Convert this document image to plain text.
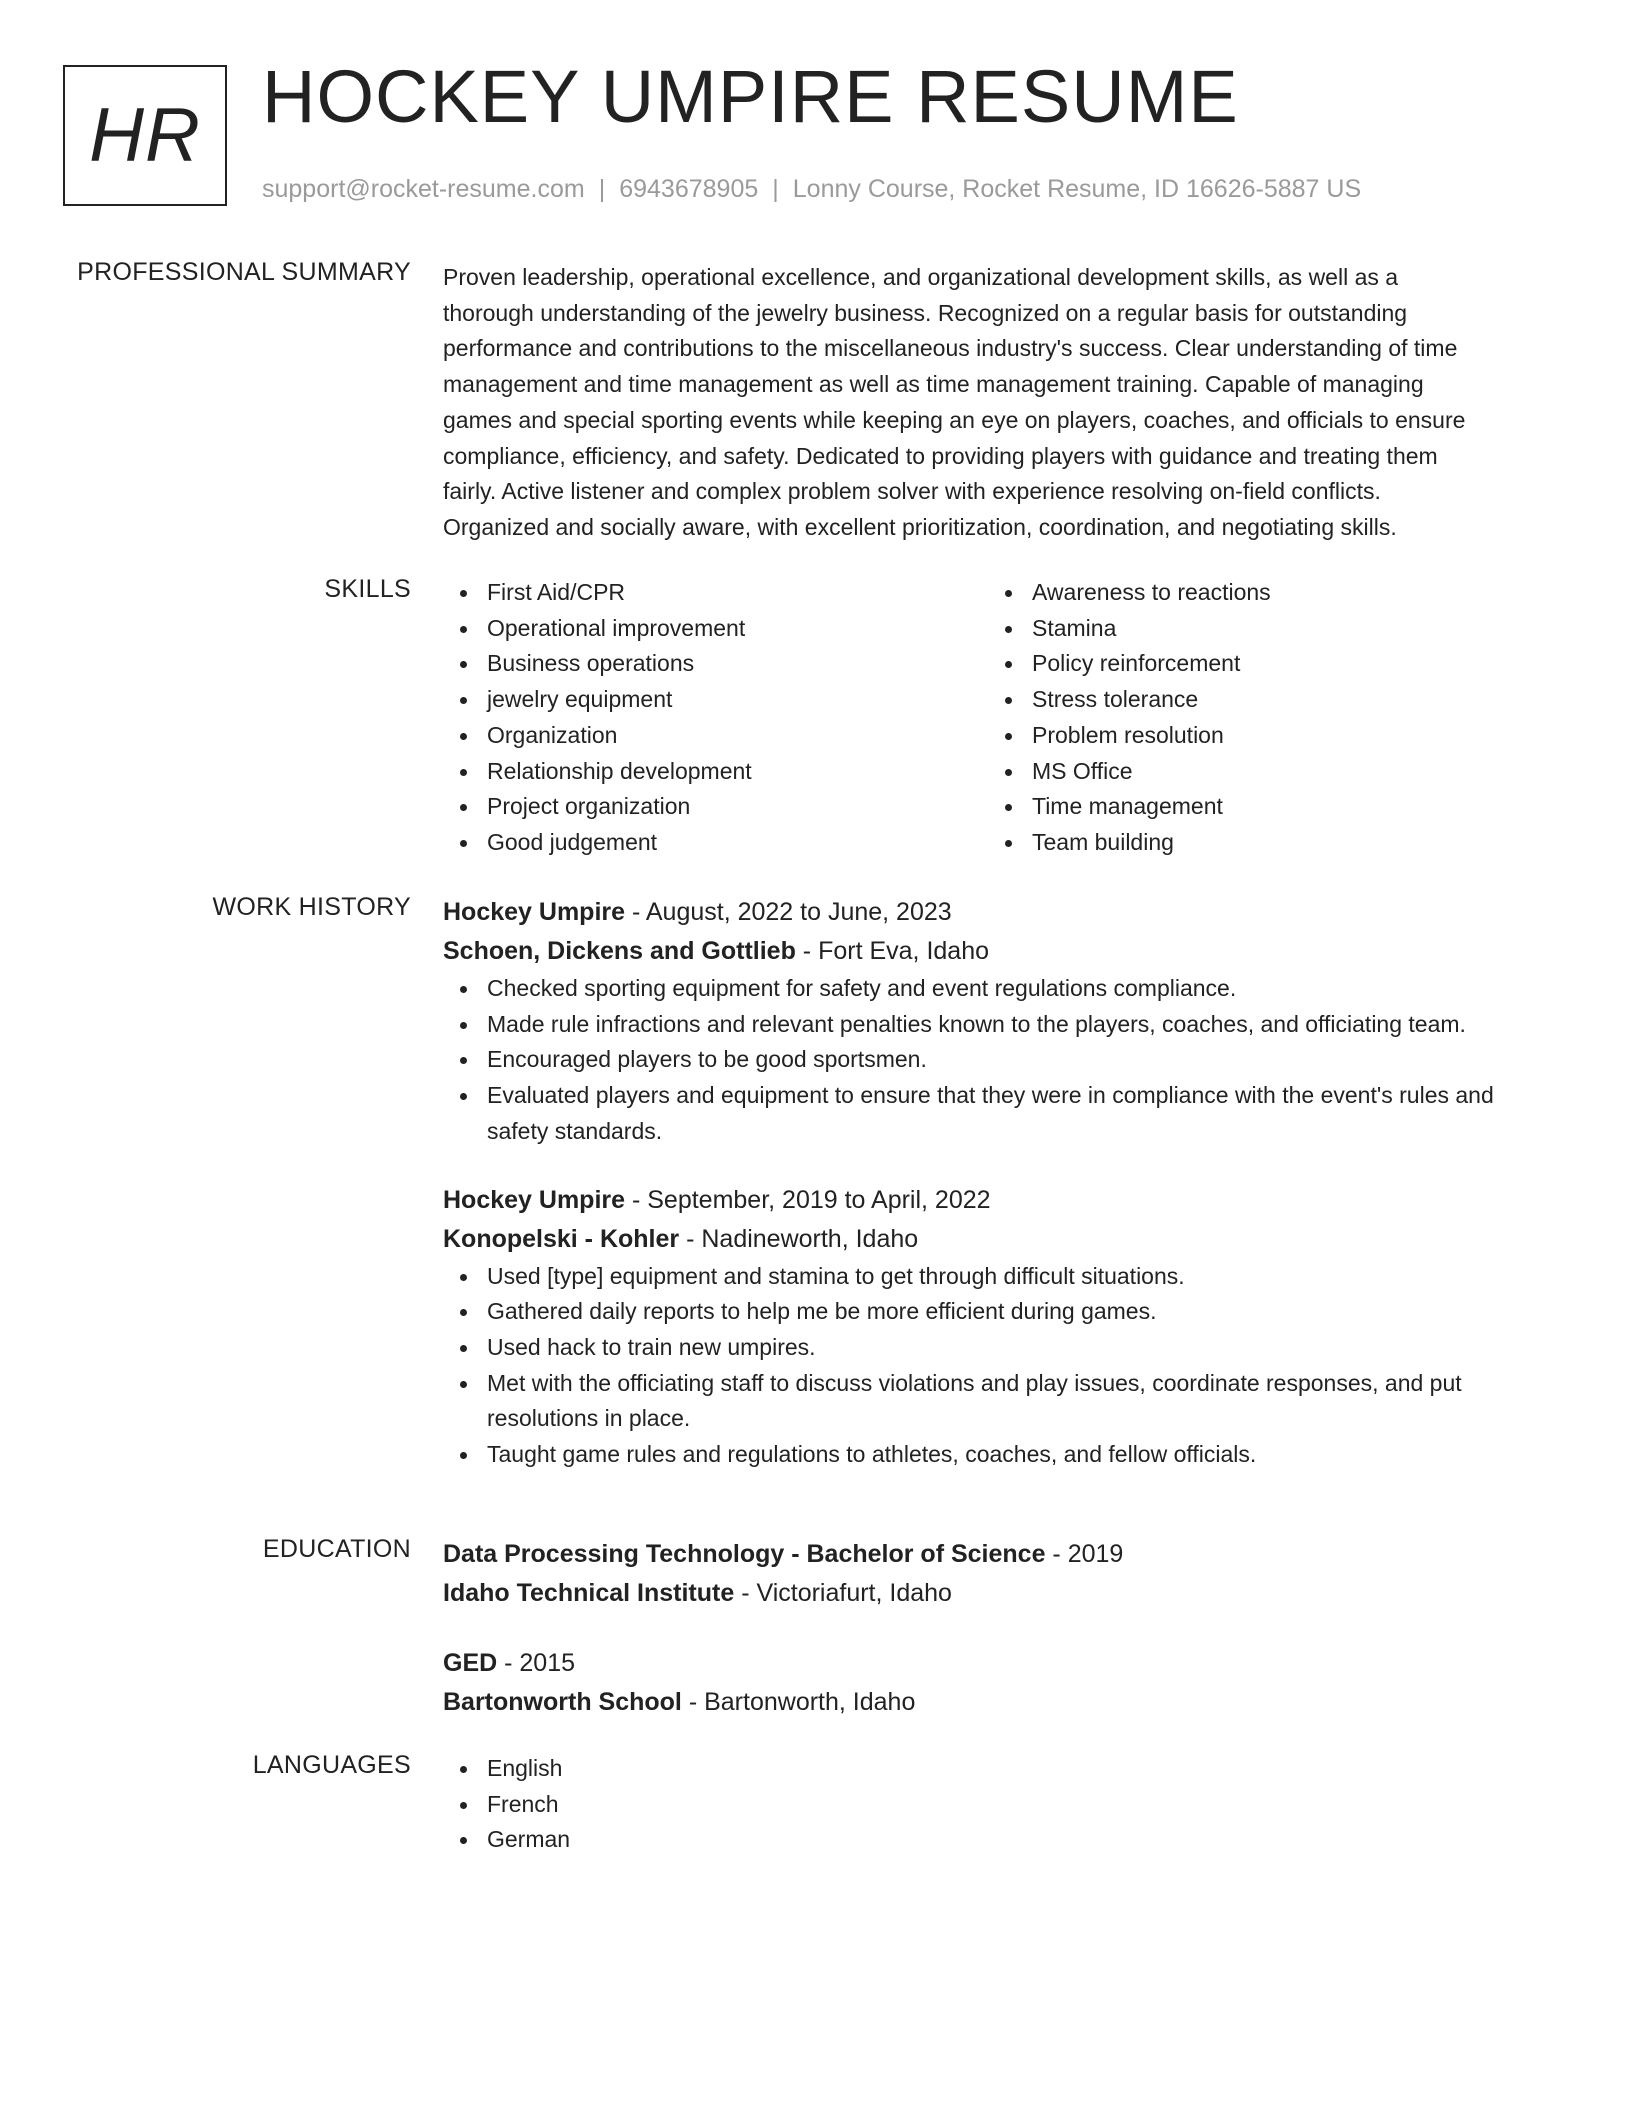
HR HOCKEY UMPIRE RESUME
support@rocket-resume.com | 6943678905 | Lonny Course, Rocket Resume, ID 16626-5887 US
PROFESSIONAL SUMMARY Proven leadership, operational excellence, and organizational development skills, as well as a
thorough understanding of the jewelry business. Recognized on a regular basis for outstanding
performance and contributions to the miscellaneous industry's success. Clear understanding of time
management and time management as well as time management training. Capable of managing
games and special sporting events while keeping an eye on players, coaches, and officials to ensure
compliance, efficiency, and safety. Dedicated to providing players with guidance and treating them
fairly. Active listener and complex problem solver with experience resolving on-field conflicts.
Organized and socially aware, with excellent prioritization, coordination, and negotiating skills.
SKILLS	First Aid/CPR
Operational improvement
Business operations
jewelry equipment
Organization
Relationship development
Project organization
Good judgement
Awareness to reactions
Stamina
Policy reinforcement
Stress tolerance
Problem resolution
MS Office
Time management
Team building
WORK HISTORY Hockey Umpire - August, 2022 to June, 2023
Schoen, Dickens and Gottlieb - Fort Eva, Idaho
Checked sporting equipment for safety and event regulations compliance.
Made rule infractions and relevant penalties known to the players, coaches, and officiating team.
Encouraged players to be good sportsmen.
Evaluated players and equipment to ensure that they were in compliance with the event's rules and safety standards.
Hockey Umpire - September, 2019 to April, 2022
Konopelski - Kohler - Nadineworth, Idaho
Used [type] equipment and stamina to get through difficult situations.
Gathered daily reports to help me be more efficient during games.
Used hack to train new umpires.
Met with the officiating staff to discuss violations and play issues, coordinate responses, and put resolutions in place.
Taught game rules and regulations to athletes, coaches, and fellow officials.
EDUCATION Data Processing Technology - Bachelor of Science - 2019
Idaho Technical Institute - Victoriafurt, Idaho
GED - 2015
Bartonworth School - Bartonworth, Idaho
LANGUAGES	English
French
German
